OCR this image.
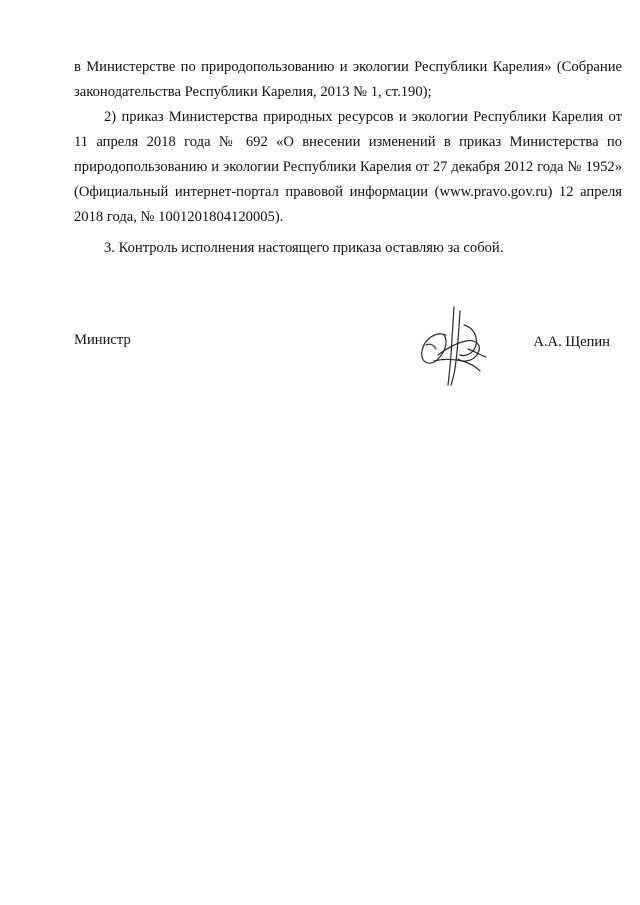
в Министерстве по природопользованию и экологии Республики Карелия» (Собрание законодательства Республики Карелия, 2013 № 1, ст.190);

2) приказ Министерства природных ресурсов и экологии Республики Карелия от 11 апреля 2018 года № 692 «О внесении изменений в приказ Министерства по природопользованию и экологии Республики Карелия от 27 декабря 2012 года № 1952» (Официальный интернет-портал правовой информации (www.pravo.gov.ru) 12 апреля 2018 года, № 1001201804120005).

3. Контроль исполнения настоящего приказа оставляю за собой.

Министр	А.А. Щепин
